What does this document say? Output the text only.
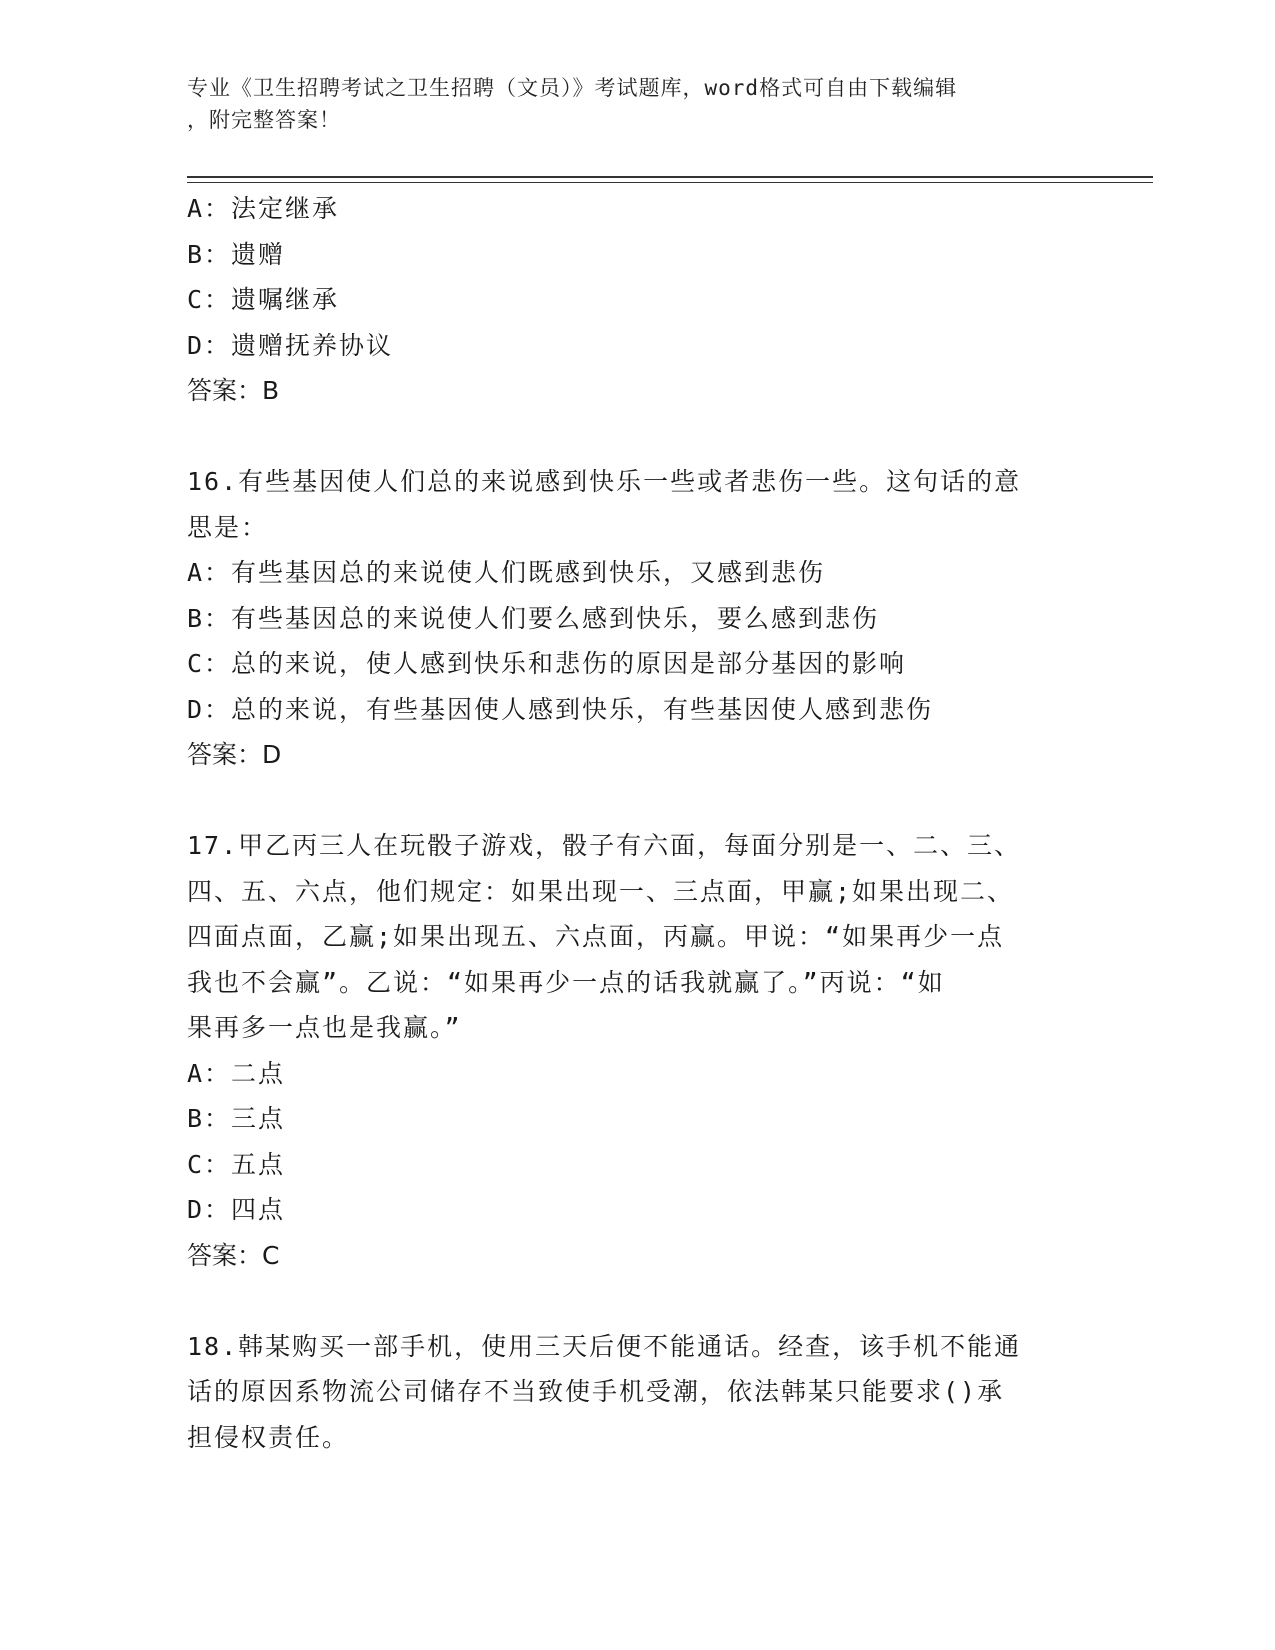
专业《卫生招聘考试之卫生招聘（文员）》考试题库，word格式可自由下载编辑
，附完整答案！
A：法定继承
B：遗赠
C：遗嘱继承
D：遗赠抚养协议
答案：B
16.有些基因使人们总的来说感到快乐一些或者悲伤一些。这句话的意
思是：
A：有些基因总的来说使人们既感到快乐，又感到悲伤
B：有些基因总的来说使人们要么感到快乐，要么感到悲伤
C：总的来说，使人感到快乐和悲伤的原因是部分基因的影响
D：总的来说，有些基因使人感到快乐，有些基因使人感到悲伤
答案：D
17.甲乙丙三人在玩骰子游戏，骰子有六面，每面分别是一、二、三、
四、五、六点，他们规定：如果出现一、三点面，甲赢;如果出现二、
四面点面，乙赢;如果出现五、六点面，丙赢。甲说：“如果再少一点
我也不会赢”。乙说：“如果再少一点的话我就赢了。”丙说：“如
果再多一点也是我赢。”
A：二点
B：三点
C：五点
D：四点
答案：C
18.韩某购买一部手机，使用三天后便不能通话。经查，该手机不能通
话的原因系物流公司储存不当致使手机受潮，依法韩某只能要求()承
担侵权责任。
